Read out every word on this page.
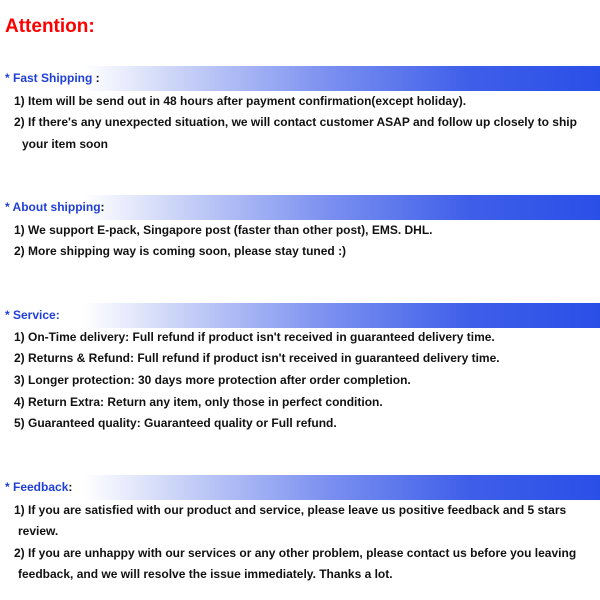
Attention:
* Fast Shipping :
1) Item will be send out in 48 hours after payment confirmation(except holiday).
2) If there's any unexpected situation, we will contact customer ASAP and follow up closely to ship
your item soon
* About shipping:
1) We support E-pack, Singapore post (faster than other post), EMS. DHL.
2) More shipping way is coming soon, please stay tuned :)
* Service:
1) On-Time delivery: Full refund if product isn't received in guaranteed delivery time.
2) Returns & Refund: Full refund if product isn't received in guaranteed delivery time.
3) Longer protection: 30 days more protection after order completion.
4) Return Extra: Return any item, only those in perfect condition.
5) Guaranteed quality: Guaranteed quality or Full refund.
* Feedback:
1) If you are satisfied with our product and service, please leave us positive feedback and 5 stars
review.
2) If you are unhappy with our services or any other problem, please contact us before you leaving
feedback, and we will resolve the issue immediately. Thanks a lot.
